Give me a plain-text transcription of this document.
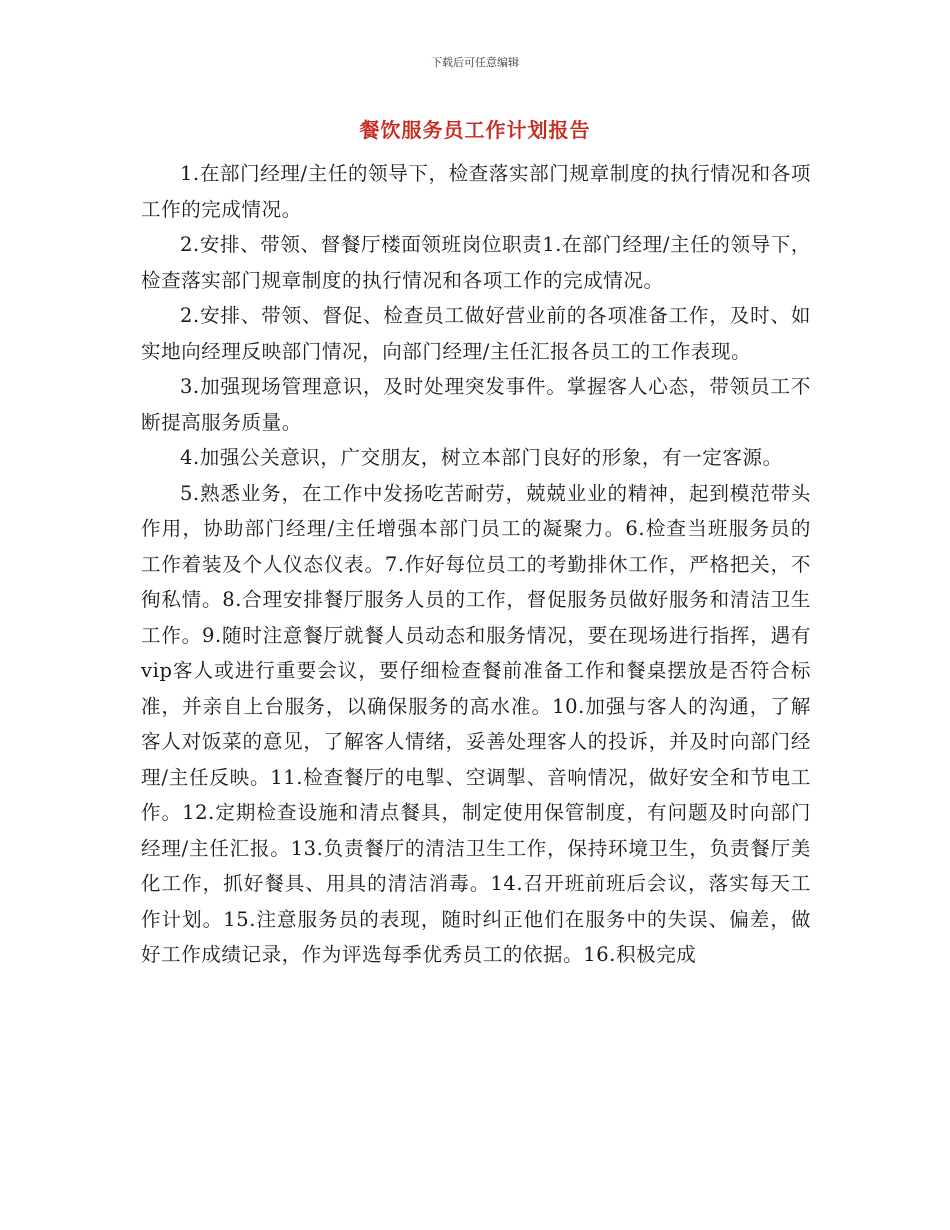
下载后可任意编辑
餐饮服务员工作计划报告

1.在部门经理/主任的领导下，检查落实部门规章制度的执行情况和各项工作的完成情况。

2.安排、带领、督餐厅楼面领班岗位职责1.在部门经理/主任的领导下，检查落实部门规章制度的执行情况和各项工作的完成情况。

2.安排、带领、督促、检查员工做好营业前的各项准备工作，及时、如实地向经理反映部门情况，向部门经理/主任汇报各员工的工作表现。

3.加强现场管理意识，及时处理突发事件。掌握客人心态，带领员工不断提高服务质量。

4.加强公关意识，广交朋友，树立本部门良好的形象，有一定客源。

5.熟悉业务，在工作中发扬吃苦耐劳，兢兢业业的精神，起到模范带头作用，协助部门经理/主任增强本部门员工的凝聚力。6.检查当班服务员的工作着装及个人仪态仪表。7.作好每位员工的考勤排休工作，严格把关，不徇私情。8.合理安排餐厅服务人员的工作，督促服务员做好服务和清洁卫生工作。9.随时注意餐厅就餐人员动态和服务情况，要在现场进行指挥，遇有vip客人或进行重要会议，要仔细检查餐前准备工作和餐桌摆放是否符合标准，并亲自上台服务，以确保服务的高水准。10.加强与客人的沟通，了解客人对饭菜的意见，了解客人情绪，妥善处理客人的投诉，并及时向部门经理/主任反映。11.检查餐厅的电掣、空调掣、音响情况，做好安全和节电工作。12.定期检查设施和清点餐具，制定使用保管制度，有问题及时向部门经理/主任汇报。13.负责餐厅的清洁卫生工作，保持环境卫生，负责餐厅美化工作，抓好餐具、用具的清洁消毒。14.召开班前班后会议，落实每天工作计划。15.注意服务员的表现，随时纠正他们在服务中的失误、偏差，做好工作成绩记录，作为评选每季优秀员工的依据。16.积极完成
